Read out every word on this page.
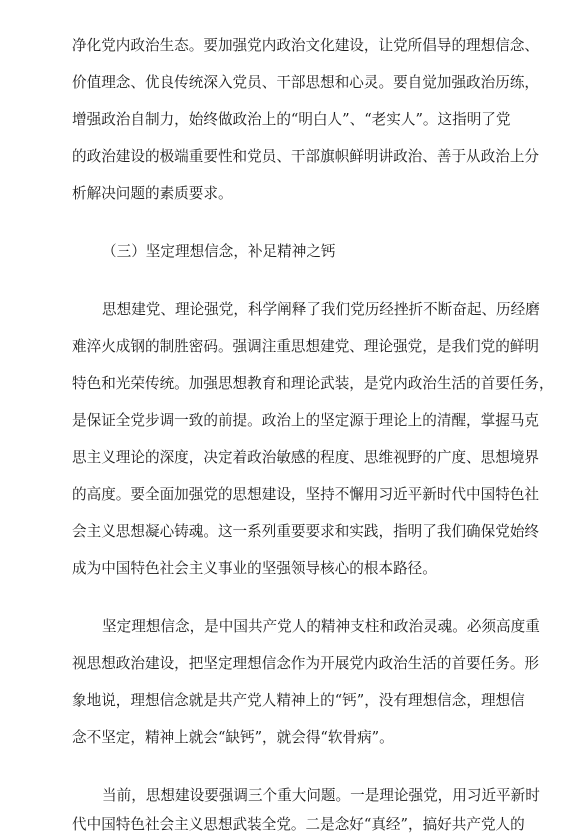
净化党内政治生态。要加强党内政治文化建设，让党所倡导的理想信念、
价值理念、优良传统深入党员、干部思想和心灵。要自觉加强政治历练，
增强政治自制力，始终做政治上的“明白人”、“老实人”。这指明了党
的政治建设的极端重要性和党员、干部旗帜鲜明讲政治、善于从政治上分
析解决问题的素质要求。
（三）坚定理想信念，补足精神之钙
思想建党、理论强党，科学阐释了我们党历经挫折不断奋起、历经磨
难淬火成钢的制胜密码。强调注重思想建党、理论强党，是我们党的鲜明
特色和光荣传统。加强思想教育和理论武装，是党内政治生活的首要任务，
是保证全党步调一致的前提。政治上的坚定源于理论上的清醒，掌握马克
思主义理论的深度，决定着政治敏感的程度、思维视野的广度、思想境界
的高度。要全面加强党的思想建设，坚持不懈用习近平新时代中国特色社
会主义思想凝心铸魂。这一系列重要要求和实践，指明了我们确保党始终
成为中国特色社会主义事业的坚强领导核心的根本路径。
坚定理想信念，是中国共产党人的精神支柱和政治灵魂。必须高度重
视思想政治建设，把坚定理想信念作为开展党内政治生活的首要任务。形
象地说，理想信念就是共产党人精神上的“钙”，没有理想信念，理想信
念不坚定，精神上就会“缺钙”，就会得“软骨病”。
当前，思想建设要强调三个重大问题。一是理论强党，用习近平新时
代中国特色社会主义思想武装全党。二是念好“真经”，搞好共产党人的
